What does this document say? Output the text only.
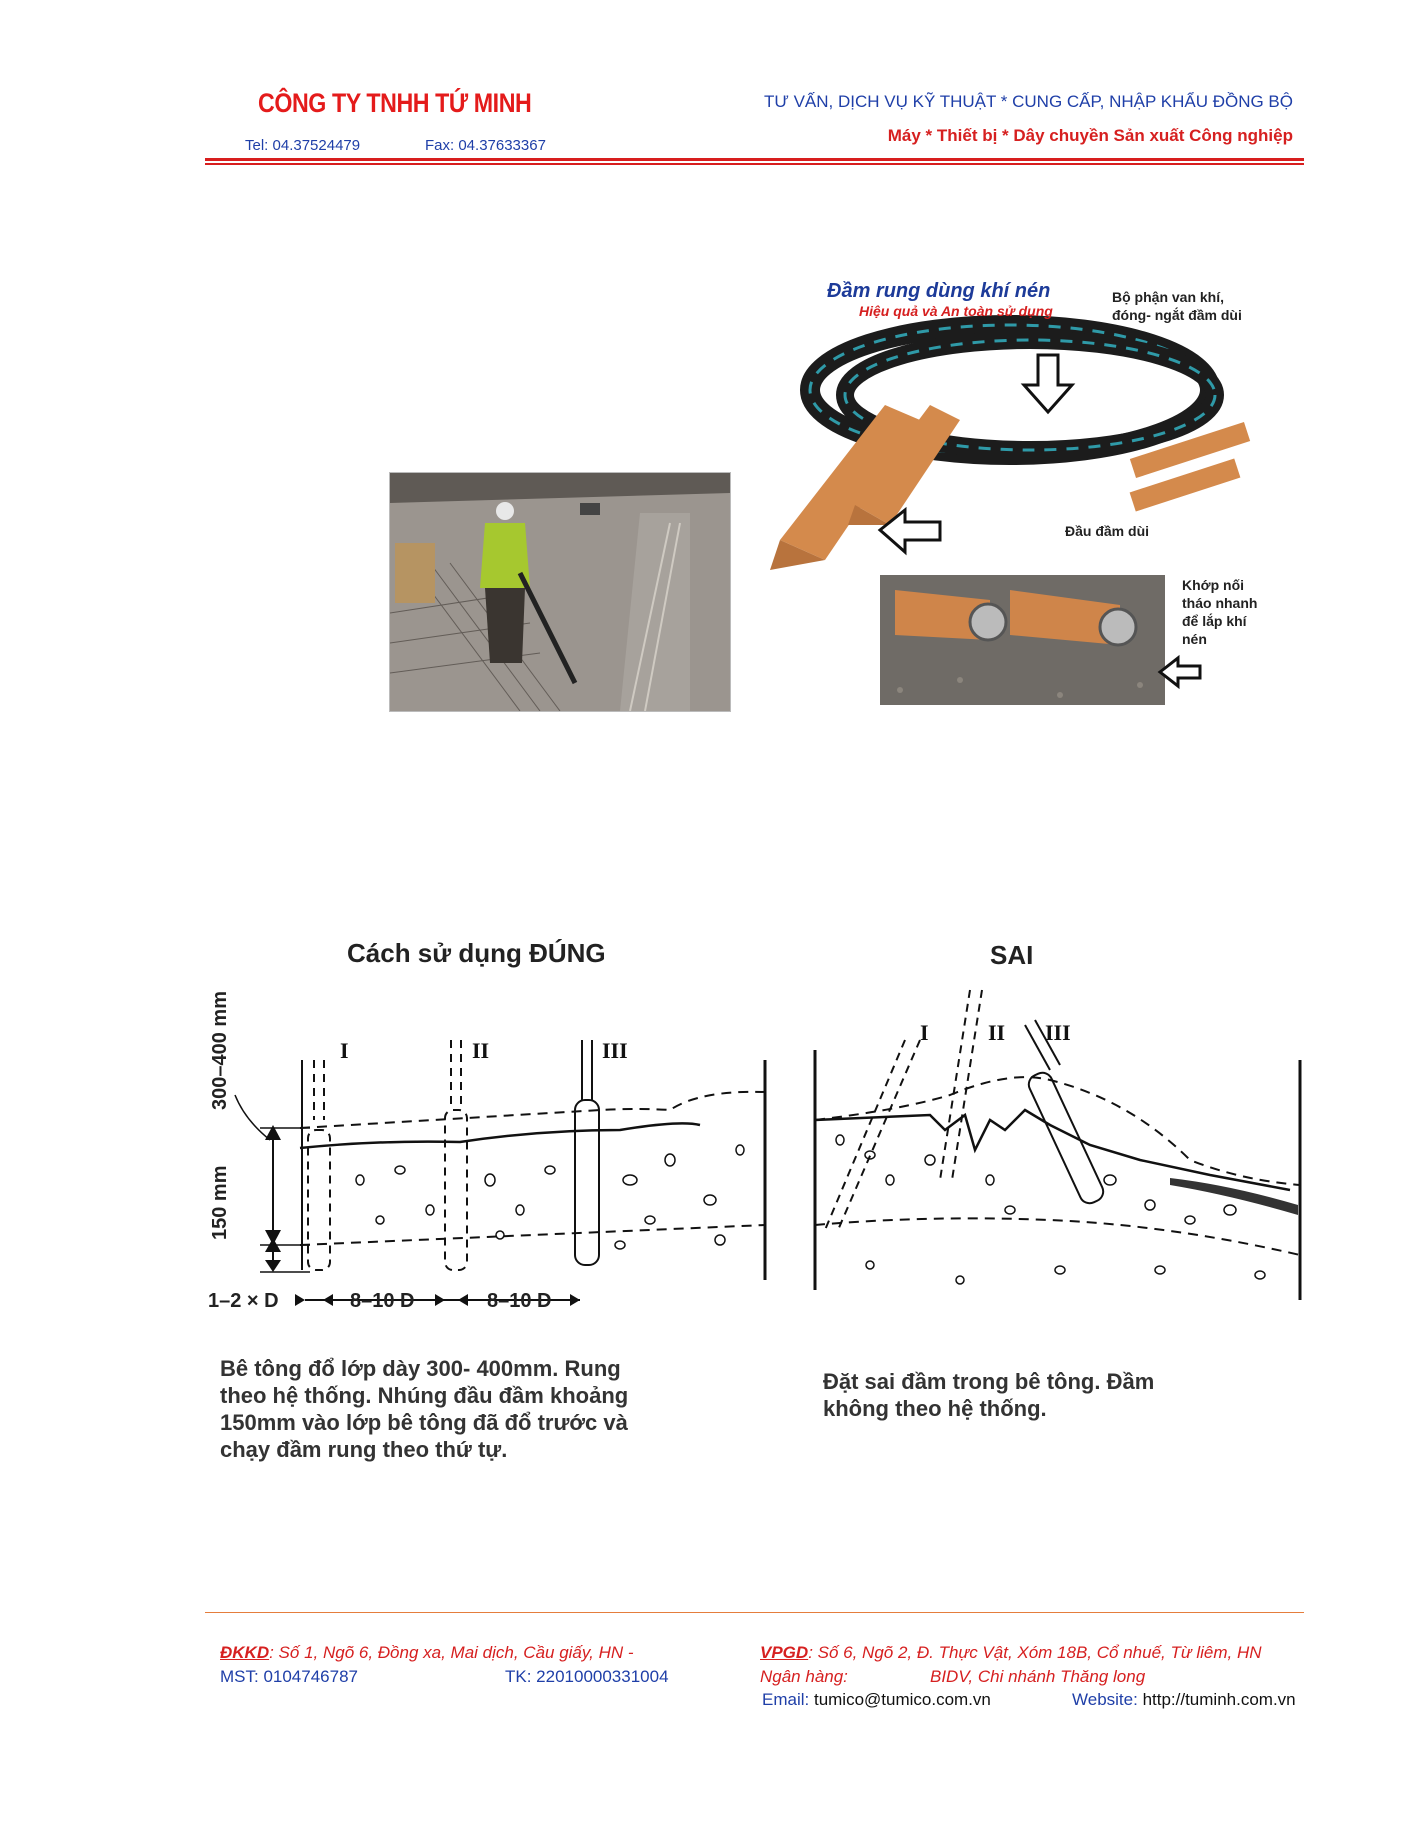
CÔNG TY TNHH TỨ MINH
Tel: 04.37524479	Fax: 04.37633367
TƯ VẤN, DỊCH VỤ KỸ THUẬT * CUNG CẤP, NHẬP KHẨU ĐỒNG BỘ
Máy * Thiết bị * Dây chuyền Sản xuất Công nghiệp
Đầm rung dùng khí nén
Hiệu quả và An toàn sử dụng
Bộ phận van khí,
đóng- ngắt đầm dùi
Đầu đầm dùi
Khớp nối
tháo nhanh
để lắp khí
nén
Cách sử dụng ĐÚNG
300–400 mm
150 mm
I	II	III
1–2 × D	8–10 D	8–10 D
Bê tông đổ lớp dày 300- 400mm. Rung
theo hệ thống. Nhúng đầu đầm khoảng
150mm vào lớp bê tông đã đổ trước và
chạy đầm rung theo thứ tự.
SAI
I	II III
Đặt sai đầm trong bê tông. Đầm
không theo hệ thống.
ĐKKD: Số 1, Ngõ 6, Đồng xa, Mai dịch, Cầu giấy, HN -
MST: 0104746787	TK: 22010000331004
VPGD: Số 6, Ngõ 2, Đ. Thực Vật, Xóm 18B, Cổ nhuế, Từ liêm, HN
Ngân hàng:	BIDV, Chi nhánh Thăng long
Email: tumico@tumico.com.vn	Website: http://tuminh.com.vn
